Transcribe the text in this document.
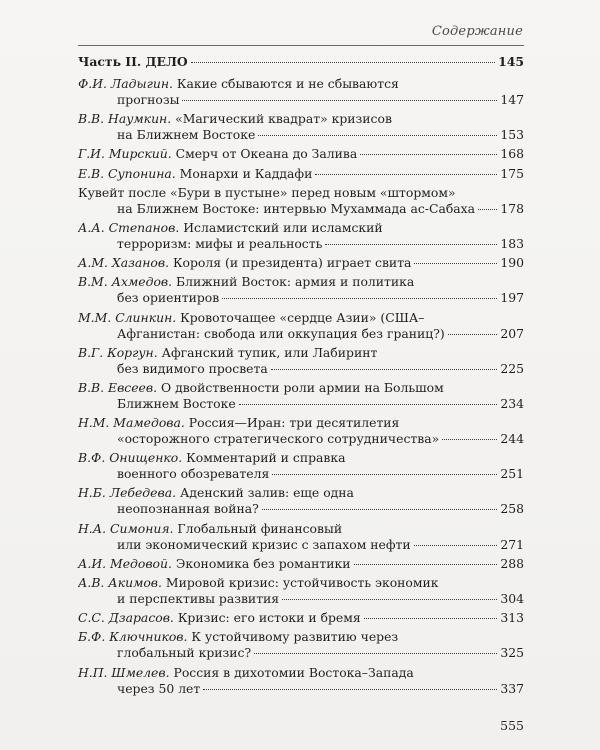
Содержание
Часть II. ДЕЛО	145
Ф.И. Ладыгин. Какие сбываются и не сбываются
прогнозы	147
В.В. Наумкин. «Магический квадрат» кризисов
на Ближнем Востоке	153
Г.И. Мирский. Смерч от Океана до Залива	168
Е.В. Супонина. Монархи и Каддафи	175
Кувейт после «Бури в пустыне» перед новым «штормом»
на Ближнем Востоке: интервью Мухаммада ас-Сабаха 178
А.А. Степанов. Исламистский или исламский
терроризм: мифы и реальность	183
А.М. Хазанов. Короля (и президента) играет свита	190
В.М. Ахмедов. Ближний Восток: армия и политика
без ориентиров	197
М.М. Слинкин. Кровоточащее «сердце Азии» (США–
Афганистан: свобода или оккупация без границ?)	207
В.Г. Коргун. Афганский тупик, или Лабиринт
без видимого просвета	225
В.В. Евсеев. О двойственности роли армии на Большом
Ближнем Востоке	234
Н.М. Мамедова. Россия—Иран: три десятилетия
«осторожного стратегического сотрудничества»	244
В.Ф. Онищенко. Комментарий и справка
военного обозревателя	251
Н.Б. Лебедева. Аденский залив: еще одна
неопознанная война?	258
Н.А. Симония. Глобальный финансовый
или экономический кризис с запахом нефти	271
А.И. Медовой. Экономика без романтики	288
А.В. Акимов. Мировой кризис: устойчивость экономик
и перспективы развития	304
С.С. Дзарасов. Кризис: его истоки и бремя	313
Б.Ф. Ключников. К устойчивому развитию через
глобальный кризис?	325
Н.П. Шмелев. Россия в дихотомии Востока–Запада
через 50 лет	337
555
